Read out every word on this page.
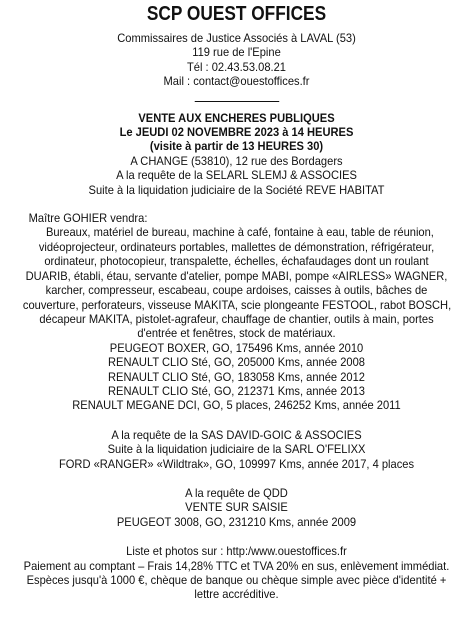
SCP OUEST OFFICES
Commissaires de Justice Associés à LAVAL (53)
119 rue de l'Epine
Tél : 02.43.53.08.21
Mail : contact@ouestoffices.fr
VENTE AUX ENCHERES PUBLIQUES
Le JEUDI 02 NOVEMBRE 2023 à 14 HEURES
(visite à partir de 13 HEURES 30)
A CHANGE (53810), 12 rue des Bordagers
A la requête de la SELARL SLEMJ & ASSOCIES
Suite à la liquidation judiciaire de la Société REVE HABITAT
Maître GOHIER vendra:
Bureaux, matériel de bureau, machine à café, fontaine à eau, table de réunion,
vidéoprojecteur, ordinateurs portables, mallettes de démonstration, réfrigérateur,
ordinateur, photocopieur, transpalette, échelles, échafaudages dont un roulant
DUARIB, établi, étau, servante d'atelier, pompe MABI, pompe «AIRLESS» WAGNER,
karcher, compresseur, escabeau, coupe ardoises, caisses à outils, bâches de
couverture, perforateurs, visseuse MAKITA, scie plongeante FESTOOL, rabot BOSCH,
décapeur MAKITA, pistolet-agrafeur, chauffage de chantier, outils à main, portes
d'entrée et fenêtres, stock de matériaux.
PEUGEOT BOXER, GO, 175496 Kms, année 2010
RENAULT CLIO Sté, GO, 205000 Kms, année 2008
RENAULT CLIO Sté, GO, 183058 Kms, année 2012
RENAULT CLIO Sté, GO, 212371 Kms, année 2013
RENAULT MEGANE DCI, GO, 5 places, 246252 Kms, année 2011
A la requête de la SAS DAVID-GOIC & ASSOCIES
Suite à la liquidation judiciaire de la SARL O'FELIXX
FORD «RANGER» «Wildtrak», GO, 109997 Kms, année 2017, 4 places
A la requête de QDD
VENTE SUR SAISIE
PEUGEOT 3008, GO, 231210 Kms, année 2009
Liste et photos sur : http:/www.ouestoffices.fr
Paiement au comptant – Frais 14,28% TTC et TVA 20% en sus, enlèvement immédiat.
Espèces jusqu'à 1000 €, chèque de banque ou chèque simple avec pièce d'identité + lettre accréditive.
